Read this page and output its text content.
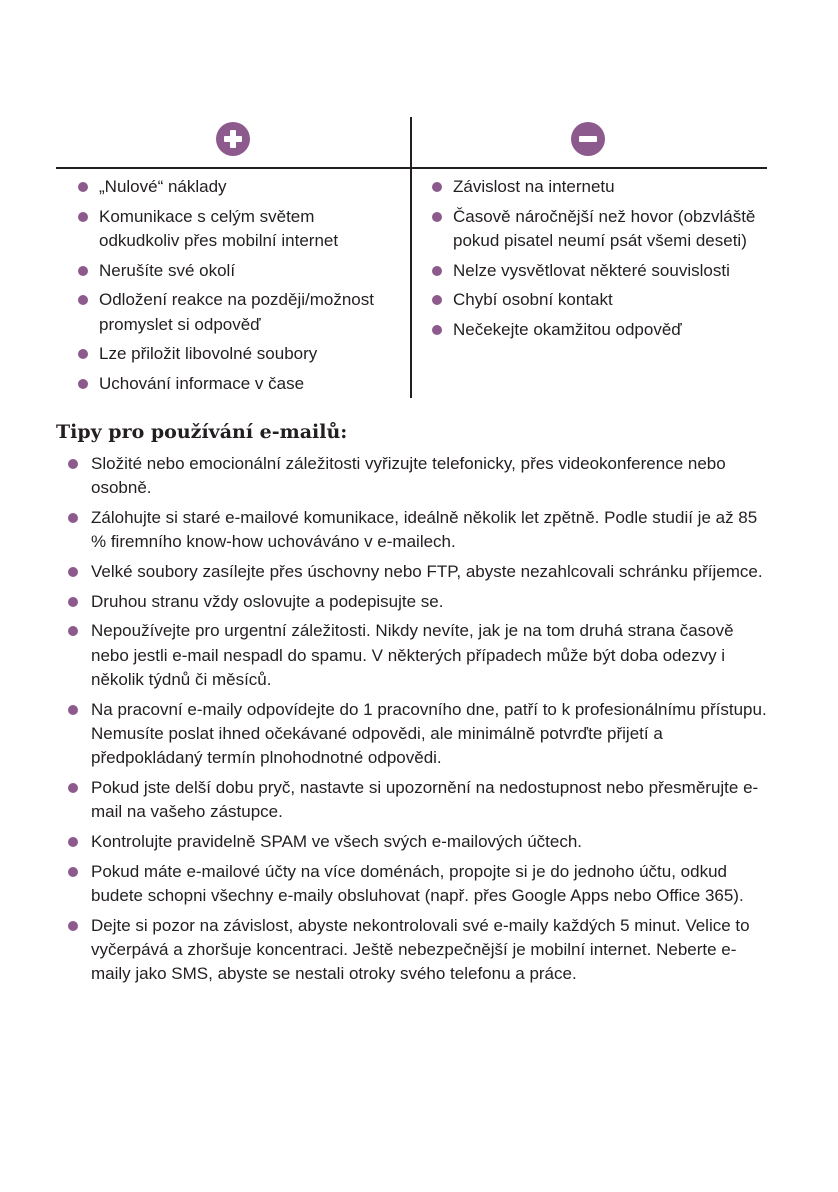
„Nulové“ náklady
Komunikace s celým světem odkudkoliv přes mobilní internet
Nerušíte své okolí
Odložení reakce na později/možnost promyslet si odpověď
Lze přiložit libovolné soubory
Uchování informace v čase
Závislost na internetu
Časově náročnější než hovor (obzvláště pokud pisatel neumí psát všemi deseti)
Nelze vysvětlovat některé souvislosti
Chybí osobní kontakt
Nečekejte okamžitou odpověď
Tipy pro používání e-mailů:
Složité nebo emocionální záležitosti vyřizujte telefonicky, přes videokonference nebo osobně.
Zálohujte si staré e-mailové komunikace, ideálně několik let zpětně. Podle studií je až 85 % firemního know-how uchováváno v e-mailech.
Velké soubory zasílejte přes úschovny nebo FTP, abyste nezahlcovali schránku příjemce.
Druhou stranu vždy oslovujte a podepisujte se.
Nepoužívejte pro urgentní záležitosti. Nikdy nevíte, jak je na tom druhá strana časově nebo jestli e-mail nespadl do spamu. V některých případech může být doba odezvy i několik týdnů či měsíců.
Na pracovní e-maily odpovídejte do 1 pracovního dne, patří to k profesionálnímu přístupu. Nemusíte poslat ihned očekávané odpovědi, ale minimálně potvrďte přijetí a předpokládaný termín plnohodnotné odpovědi.
Pokud jste delší dobu pryč, nastavte si upozornění na nedostupnost nebo přesměrujte e-mail na vašeho zástupce.
Kontrolujte pravidelně SPAM ve všech svých e-mailových účtech.
Pokud máte e-mailové účty na více doménách, propojte si je do jednoho účtu, odkud budete schopni všechny e-maily obsluhovat (např. přes Google Apps nebo Office 365).
Dejte si pozor na závislost, abyste nekontrolovali své e-maily každých 5 minut. Velice to vyčerpává a zhoršuje koncentraci. Ještě nebezpečnější je mobilní internet. Neberte e-maily jako SMS, abyste se nestali otroky svého telefonu a práce.
